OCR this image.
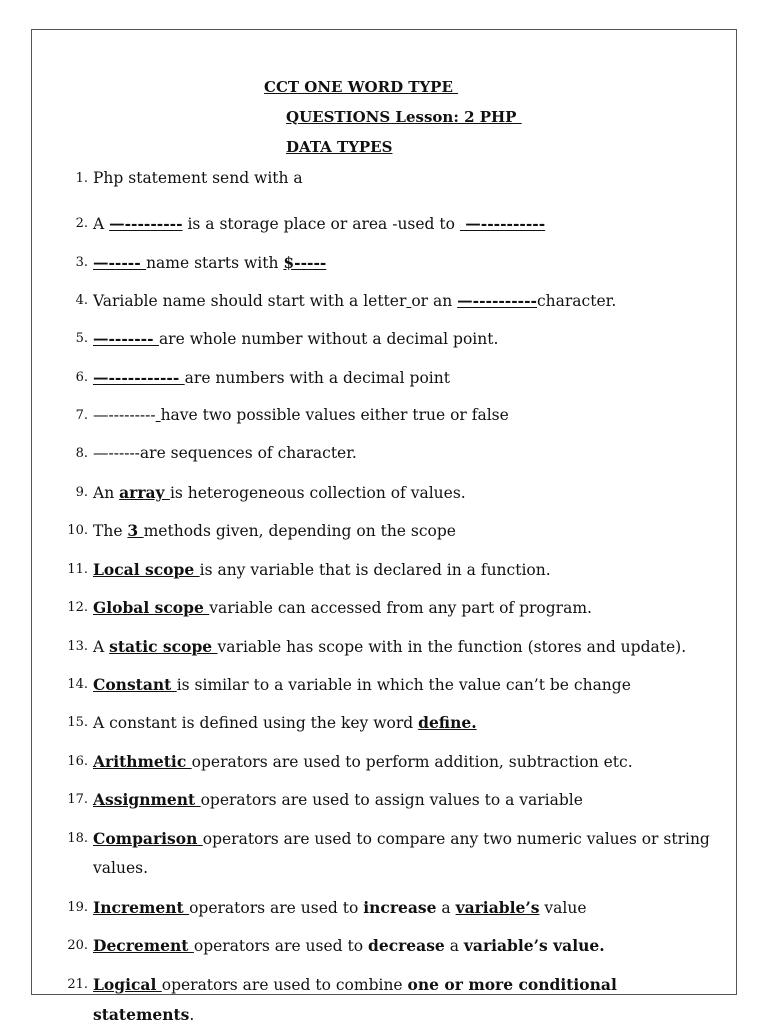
CCT ONE WORD TYPE
QUESTIONS Lesson: 2 PHP
DATA TYPES
1. Php statement send with a
2. A —--------- is a storage place or area -used to  —----------
3. —----- name starts with $-----
4. Variable name should start with a letter or an —----------character.
5. —------- are whole number without a decimal point.
6. —----------- are numbers with a decimal point
7. —--------- have two possible values either true or false
8. —------are sequences of character.
9. An array is heterogeneous collection of values.
10. The 3 methods given, depending on the scope
11. Local scope is any variable that is declared in a function.
12. Global scope variable can accessed from any part of program.
13. A static scope variable has scope with in the function (stores and update).
14. Constant is similar to a variable in which the value can’t be change
15. A constant is defined using the key word define.
16. Arithmetic operators are used to perform addition, subtraction etc.
17. Assignment operators are used to assign values to a variable
18. Comparison operators are used to compare any two numeric values or string values.
19. Increment operators are used to increase a variable’s value
20. Decrement operators are used to decrease a variable’s value.
21. Logical operators are used to combine one or more conditional statements.
